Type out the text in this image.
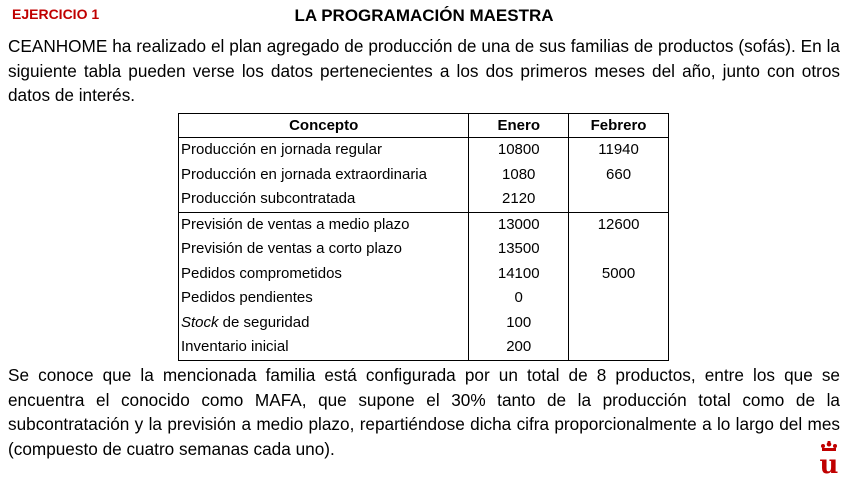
EJERCICIO 1	LA PROGRAMACIÓN MAESTRA

CEANHOME ha realizado el plan agregado de producción de una de sus familias de productos (sofás). En la siguiente tabla pueden verse los datos pertenecientes a los dos primeros meses del año, junto con otros datos de interés.

Concepto	Enero	Febrero
Producción en jornada regular	10800	11940
Producción en jornada extraordinaria	1080	660
Producción subcontratada	2120	
Previsión de ventas a medio plazo	13000	12600
Previsión de ventas a corto plazo	13500	
Pedidos comprometidos	14100	5000
Pedidos pendientes	0	
Stock de seguridad	100	
Inventario inicial	200	

Se conoce que la mencionada familia está configurada por un total de 8 productos, entre los que se encuentra el conocido como MAFA, que supone el 30% tanto de la producción total como de la subcontratación y la previsión a medio plazo, repartiéndose dicha cifra proporcionalmente a lo largo del mes (compuesto de cuatro semanas cada uno).

u
